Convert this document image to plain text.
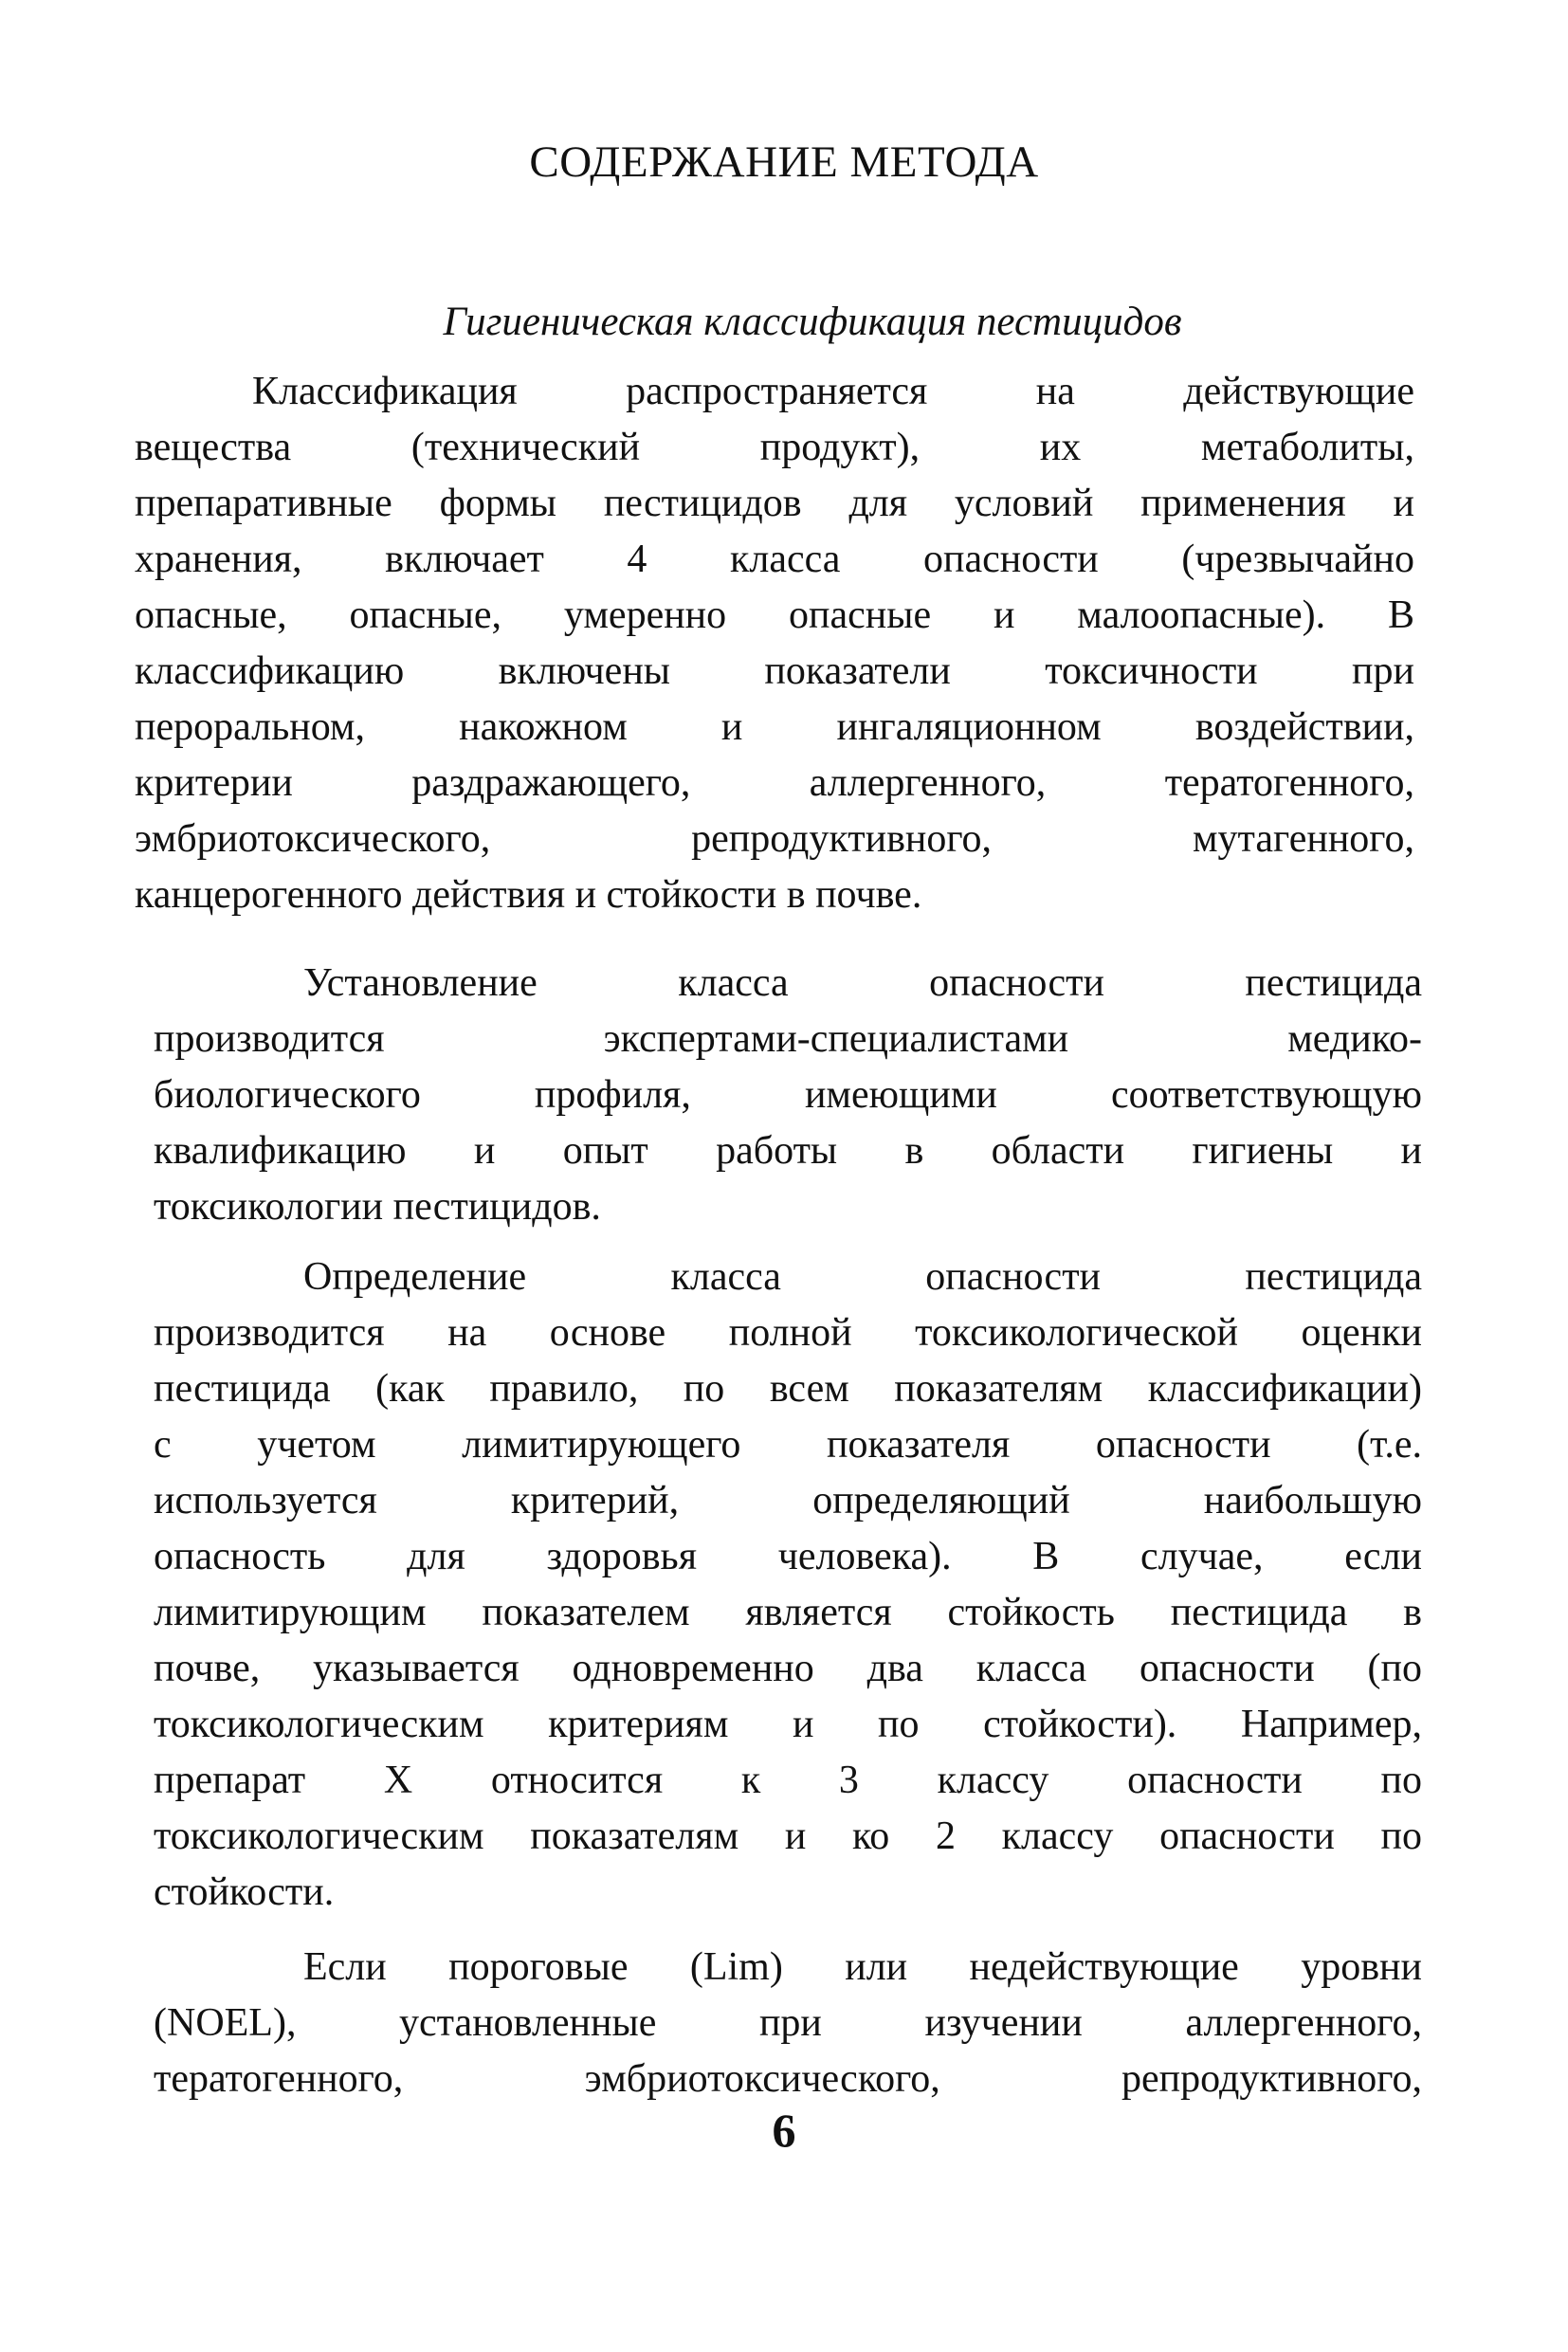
СОДЕРЖАНИЕ МЕТОДА
Гигиеническая классификация пестицидов
Классификация распространяется на действующие
вещества (технический продукт), их метаболиты,
препаративные формы пестицидов для условий применения и
хранения, включает 4 класса опасности (чрезвычайно
опасные, опасные, умеренно опасные и малоопасные). В
классификацию включены показатели токсичности при
пероральном, накожном и ингаляционном воздействии,
критерии раздражающего, аллергенного, тератогенного,
эмбриотоксического, репродуктивного, мутагенного,
канцерогенного действия и стойкости в почве.
Установление класса опасности пестицида
производится экспертами-специалистами медико-
биологического профиля, имеющими соответствующую
квалификацию и опыт работы в области гигиены и
токсикологии пестицидов.
Определение класса опасности пестицида
производится на основе полной токсикологической оценки
пестицида (как правило, по всем показателям классификации)
с учетом лимитирующего показателя опасности (т.е.
используется критерий, определяющий наибольшую
опасность для здоровья человека). В случае, если
лимитирующим показателем является стойкость пестицида в
почве, указывается одновременно два класса опасности (по
токсикологическим критериям и по стойкости). Например,
препарат X относится к 3 классу опасности по
токсикологическим показателям и ко 2 классу опасности по
стойкости.
Если пороговые (Lim) или недействующие уровни
(NOEL), установленные при изучении аллергенного,
тератогенного, эмбриотоксического, репродуктивного,
6
